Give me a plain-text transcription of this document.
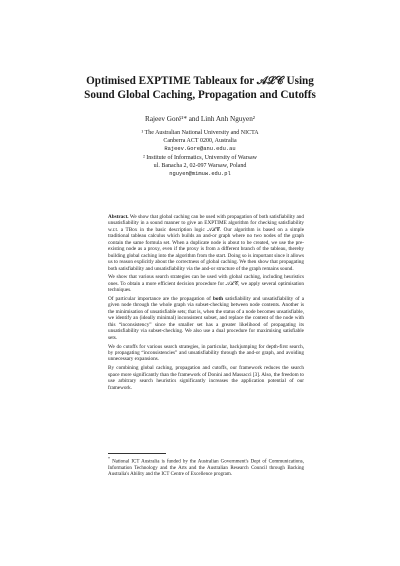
Optimised EXPTIME Tableaux for 𝒜ℒ𝒞 Using
Sound Global Caching, Propagation and Cutoffs
Rajeev Goré¹* and Linh Anh Nguyen²
¹ The Australian National University and NICTA
Canberra ACT 0200, Australia
Rajeev.Gore@anu.edu.au
² Institute of Informatics, University of Warsaw
ul. Banacha 2, 02-097 Warsaw, Poland
nguyen@mimuw.edu.pl

Abstract. We show that global caching can be used with propagation of both satisfiability and unsatisfiability in a sound manner to give an EXPTIME algorithm for checking satisfiability w.r.t. a TBox in the basic description logic 𝒜ℒ𝒞. Our algorithm is based on a simple traditional tableau calculus which builds an and-or graph where no two nodes of the graph contain the same formula set. When a duplicate node is about to be created, we use the pre-existing node as a proxy, even if the proxy is from a different branch of the tableau, thereby building global caching into the algorithm from the start. Doing so is important since it allows us to reason explicitly about the correctness of global caching. We then show that propagating both satisfiability and unsatisfiability via the and-or structure of the graph remains sound.

We show that various search strategies can be used with global caching, including heuristics ones. To obtain a more efficient decision procedure for 𝒜ℒ𝒞, we apply several optimisation techniques.

Of particular importance are the propagation of both satisfiability and unsatisfiability of a given node through the whole graph via subset-checking between node contents. Another is the minimisation of unsatisfiable sets; that is, when the status of a node becomes unsatisfiable, we identify an (ideally minimal) inconsistent subset, and replace the content of the node with this “inconsistency” since the smaller set has a greater likelihood of propagating its unsatisfiability via subset-checking. We also use a dual procedure for maximising satisfiable sets.

We do cutoffs for various search strategies, in particular, backjumping for depth-first search, by propagating “inconsistencies” and unsatisfiability through the and-or graph, and avoiding unnecessary expansions.

By combining global caching, propagation and cutoffs, our framework reduces the search space more significantly than the framework of Donini and Massacci [3]. Also, the freedom to use arbitrary search heuristics significantly increases the application potential of our framework.

* National ICT Australia is funded by the Australian Government's Dept of Communications, Information Technology and the Arts and the Australian Research Council through Backing Australia's Ability and the ICT Centre of Excellence program.
